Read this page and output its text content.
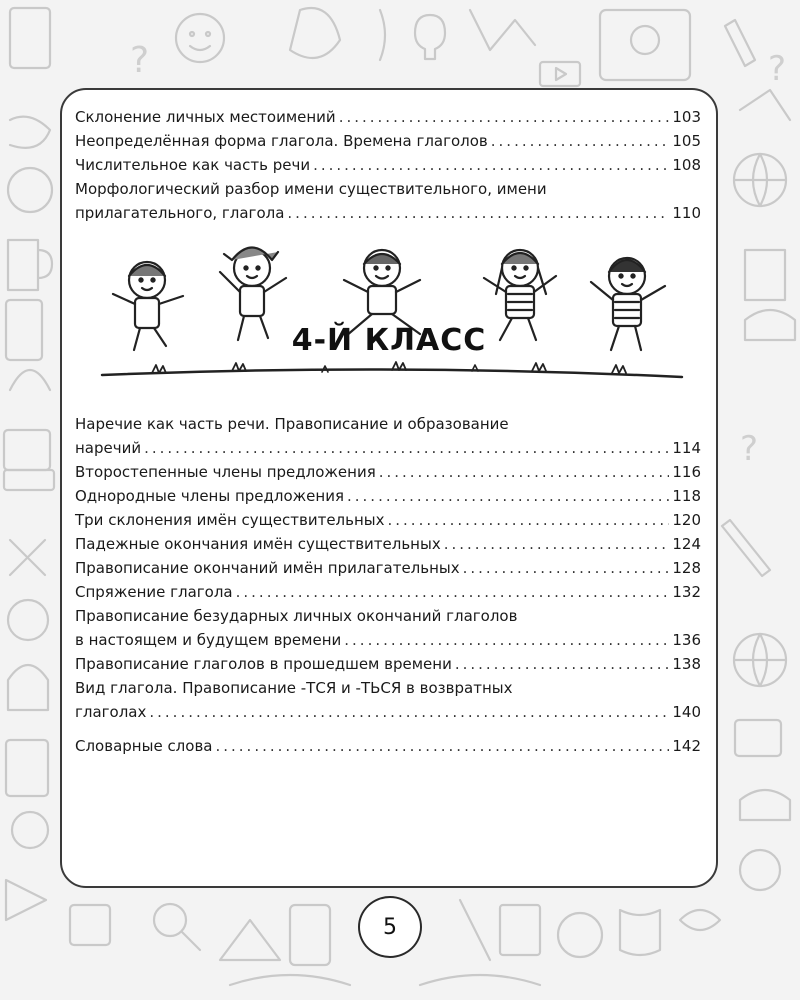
?	?
?
Склонение личных местоимений .....	103
Неопределённая форма глагола. Времена глаголов .....	105
Числительное как часть речи .....	108
Морфологический разбор имени существительного, имени
прилагательного, глагола .....	110
4-Й КЛАСС
Наречие как часть речи. Правописание и образование
наречий .....	114
Второстепенные члены предложения .....	116
Однородные члены предложения .....	118
Три склонения имён существительных .....	120
Падежные окончания имён существительных .....	124
Правописание окончаний имён прилагательных .....	128
Спряжение глагола .....	132
Правописание безударных личных окончаний глаголов
в настоящем и будущем времени .....	136
Правописание глаголов в прошедшем времени .....	138
Вид глагола. Правописание -ТСЯ и -ТЬСЯ в возвратных
глаголах .....	140
Словарные слова .....	142
5
